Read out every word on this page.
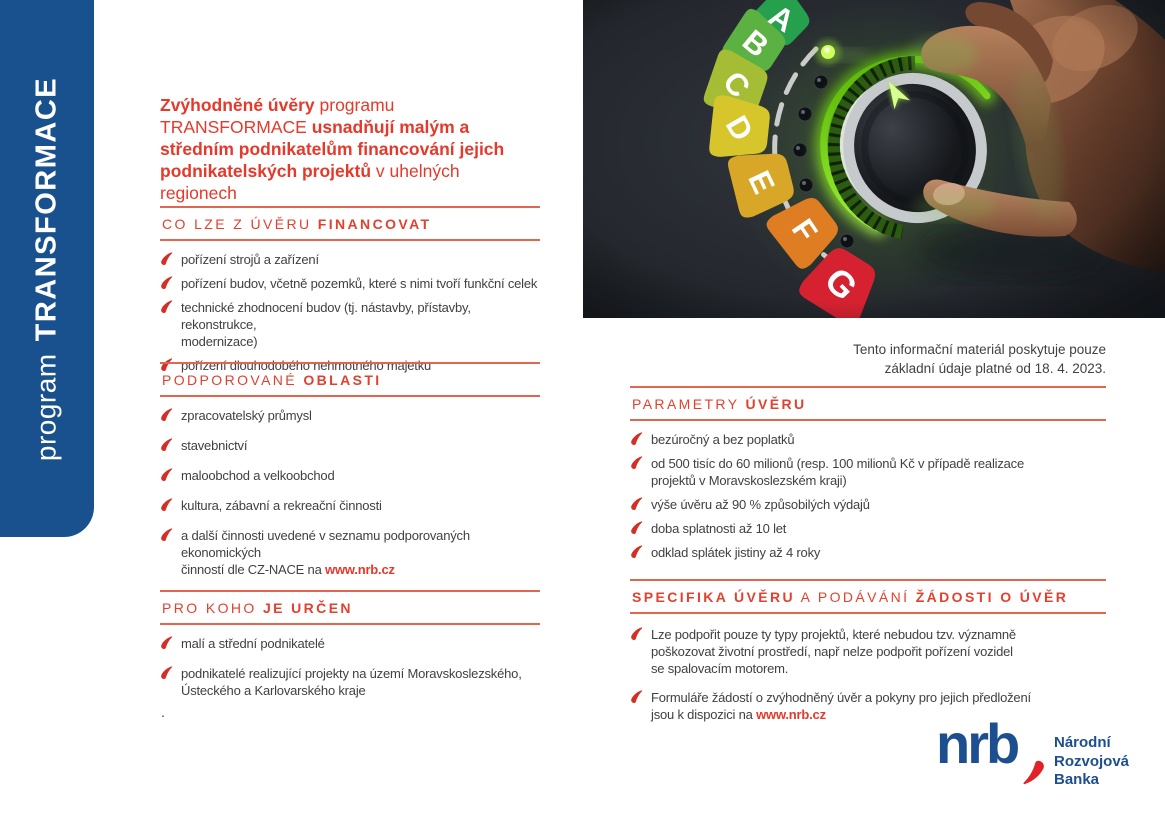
programTRANSFORMACE	Zvýhodněné úvěry programu
TRANSFORMACE usnadňují malým a
středním podnikatelům financování jejich
podnikatelských projektů v uhelných
regionech

CO LZE Z ÚVĚRU FINANCOVAT
pořízení strojů a zařízení
pořízení budov, včetně pozemků, které s nimi tvoří funkční celek
technické zhodnocení budov (tj. nástavby, přístavby, rekonstrukce,
modernizace)
pořízení dlouhodobého nehmotného majetku
PODPOROVANÉ OBLASTI
zpracovatelský průmysl
stavebnictví
maloobchod a velkoobchod
kultura, zábavní a rekreační činnosti
a další činnosti uvedené v seznamu podporovaných ekonomických
činností dle CZ-NACE na www.nrb.cz
PRO KOHO JE URČEN
malí a střední podnikatelé
podnikatelé realizující projekty na území Moravskoslezského,
Ústeckého a Karlovarského kraje
.
Tento informační materiál poskytuje pouze
základní údaje platné od 18. 4. 2023.
PARAMETRY ÚVĚRU
bezúročný a bez poplatků
od 500 tisíc do 60 milionů (resp. 100 milionů Kč v případě realizace
projektů v Moravskoslezském kraji)
výše úvěru až 90 % způsobilých výdajů
doba splatnosti až 10 let
odklad splátek jistiny až 4 roky
SPECIFIKA ÚVĚRU A PODÁVÁNÍ ŽÁDOSTI O ÚVĚR
Lze podpořit pouze ty typy projektů, které nebudou tzv. významně
poškozovat životní prostředí, např nelze podpořit pořízení vozidel
se spalovacím motorem.
Formuláře žádostí o zvýhodněný úvěr a pokyny pro jejich předložení
jsou k dispozici na www.nrb.cz	nrb Národní
Rozvojová
Banka
